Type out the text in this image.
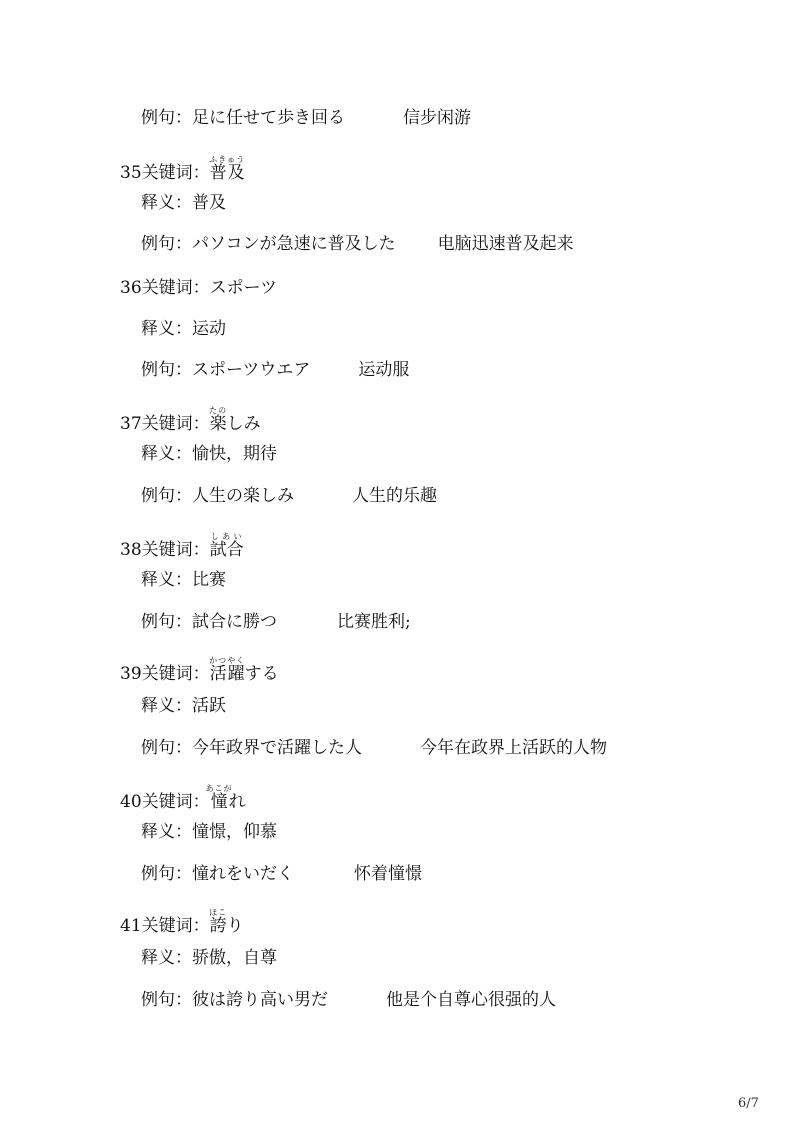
例句：足に任せて歩き回る	信步闲游
35关键词：普及ふきゅう
释义：普及
例句：パソコンが急速に普及した 电脑迅速普及起来
36关键词：スポーツ
释义：运动
例句：スポーツウエア	运动服
37关键词：楽たのしみ
释义：愉快，期待
例句：人生の楽しみ	人生的乐趣
38关键词：試合しあい
释义：比赛
例句：試合に勝つ	比赛胜利;
39关键词：活躍かつやくする
释义：活跃
例句：今年政界で活躍した人	今年在政界上活跃的人物
40关键词：憧あこがれ
释义：憧憬，仰慕
例句：憧れをいだく	怀着憧憬
41关键词：誇ほこり
释义：骄傲，自尊
例句：彼は誇り高い男だ	他是个自尊心很强的人
6/7
